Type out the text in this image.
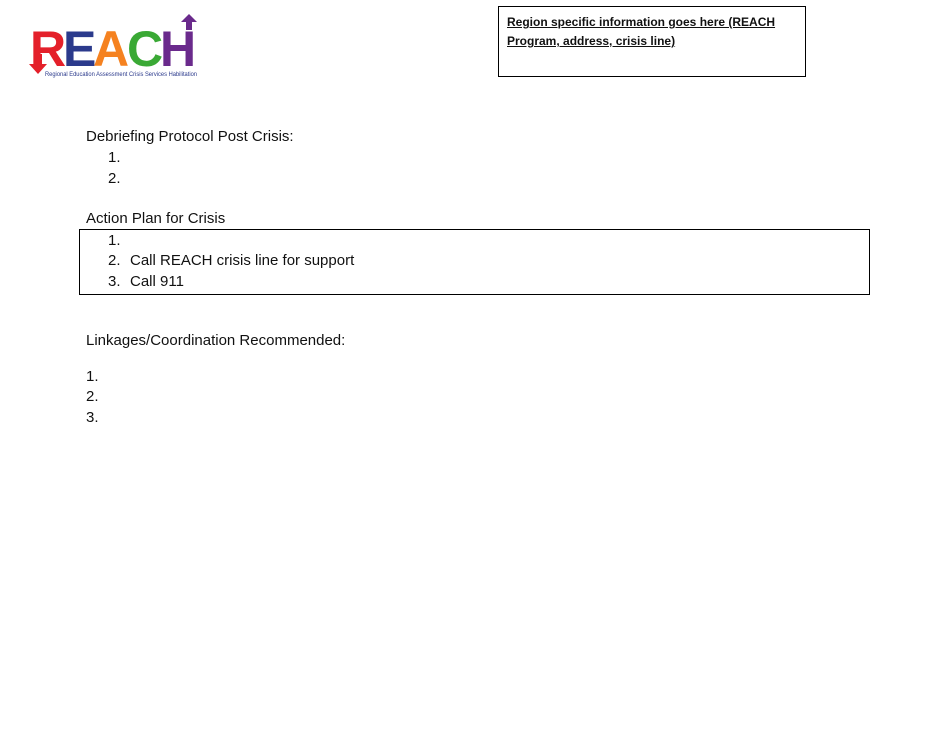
R
E
A
C
H
Regional Education Assessment Crisis Services Habilitation
Region specific information goes here (REACH
Program, address, crisis line)
Debriefing Protocol Post Crisis:
1.
2.
Action Plan for Crisis
1.
2. Call REACH crisis line for support
3. Call 911
Linkages/Coordination Recommended:
1.
2.
3.
